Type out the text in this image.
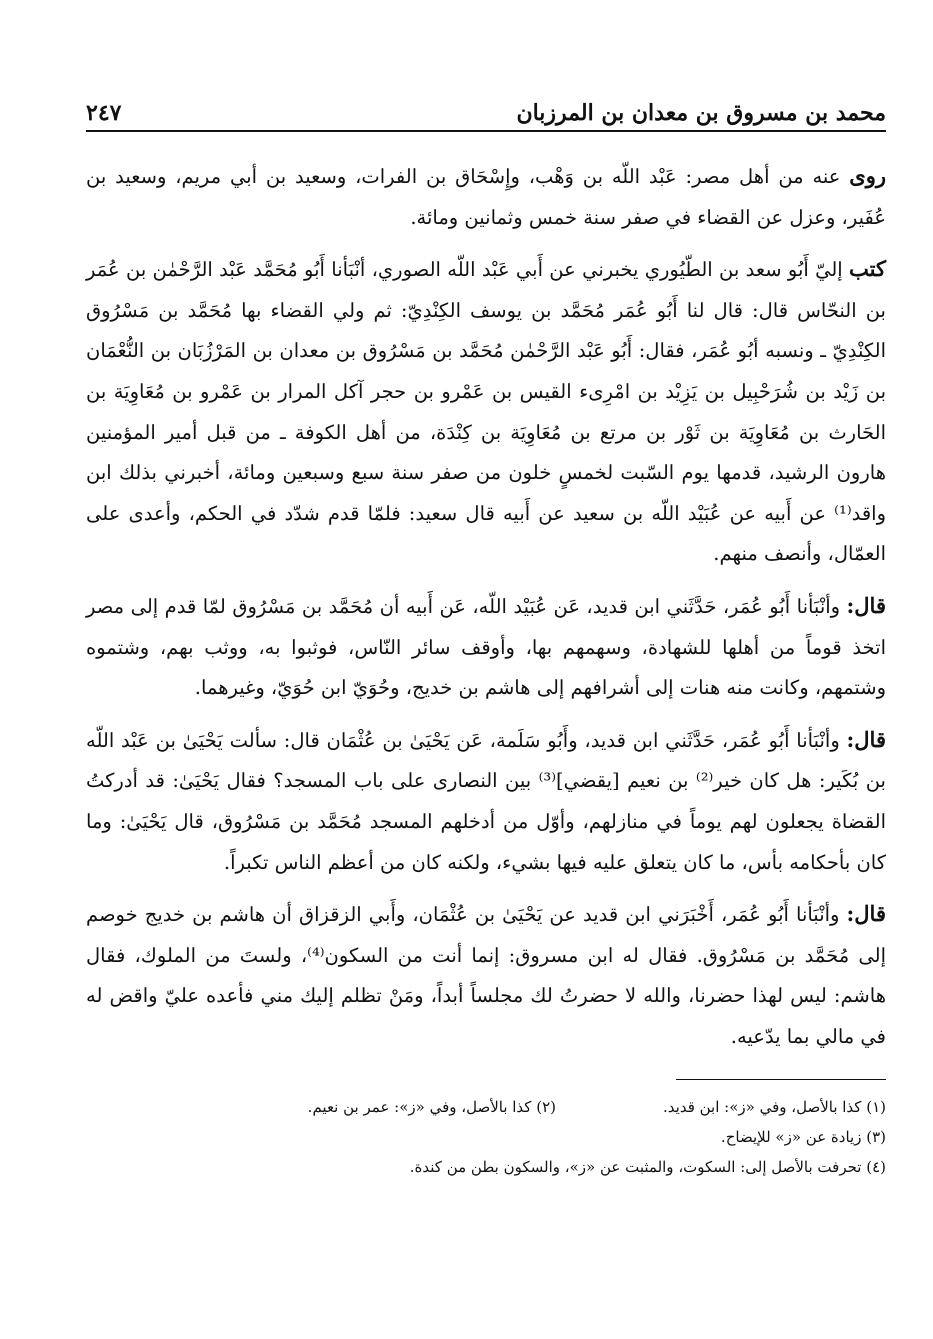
محمد بن مسروق بن معدان بن المرزبان
٢٤٧

روى عنه من أهل مصر: عَبْد اللّه بن وَهْب، وإِسْحَاق بن الفرات، وسعيد بن أبي مريم، وسعيد بن عُفَير، وعزل عن القضاء في صفر سنة خمس وثمانين ومائة.

كتب إليّ أَبُو سعد بن الطّيُوري يخبرني عن أَبي عَبْد اللّه الصوري، أنْبَأنا أَبُو مُحَمَّد عَبْد الرَّحْمٰن بن عُمَر بن النحّاس قال: قال لنا أَبُو عُمَر مُحَمَّد بن يوسف الكِنْدِيّ: ثم ولي القضاء بها مُحَمَّد بن مَسْرُوق الكِنْدِيّ ـ ونسبه أبُو عُمَر، فقال: أَبُو عَبْد الرَّحْمٰن مُحَمَّد بن مَسْرُوق بن معدان بن المَرْزُبَان بن النُّعْمَان بن زَيْد بن شُرَحْبِيل بن يَزِيْد بن امْرِىء القيس بن عَمْرو بن حجر آكل المرار بن عَمْرو بن مُعَاوِيَة بن الحَارث بن مُعَاوِيَة بن ثَوْر بن مرتع بن مُعَاوِيَة بن كِنْدَة، من أهل الكوفة ـ من قبل أمير المؤمنين هارون الرشيد، قدمها يوم السّبت لخمسٍ خلون من صفر سنة سبع وسبعين ومائة، أخبرني بذلك ابن واقد⁽¹⁾ عن أَبيه عن عُبَيْد اللّه بن سعيد عن أَبيه قال سعيد: فلمّا قدم شدّد في الحكم، وأعدى على العمّال، وأنصف منهم.

قال: وأنْبَأنا أَبُو عُمَر، حَدَّثَني ابن قديد، عَن عُبَيْد اللّه، عَن أَبيه أن مُحَمَّد بن مَسْرُوق لمّا قدم إلى مصر اتخذ قوماً من أهلها للشهادة، وسهمهم بها، وأوقف سائر النّاس، فوثبوا به، ووثب بهم، وشتموه وشتمهم، وكانت منه هنات إلى أشرافهم إلى هاشم بن خديج، وحُوَيّ ابن حُوَيّ، وغيرهما.

قال: وأنْبَأنا أَبُو عُمَر، حَدَّثَني ابن قديد، وأَبُو سَلَمة، عَن يَحْيَىٰ بن عُثْمَان قال: سألت يَحْيَىٰ بن عَبْد اللّه بن بُكَير: هل كان خير⁽²⁾ بن نعيم [يقضي]⁽³⁾ بين النصارى على باب المسجد؟ فقال يَحْيَىٰ: قد أدركتُ القضاة يجعلون لهم يوماً في منازلهم، وأوّل من أدخلهم المسجد مُحَمَّد بن مَسْرُوق، قال يَحْيَىٰ: وما كان بأحكامه بأس، ما كان يتعلق عليه فيها بشيء، ولكنه كان من أعظم الناس تكبراً.

قال: وأنْبَأنا أَبُو عُمَر، أَخْبَرَني ابن قديد عن يَحْيَىٰ بن عُثْمَان، وأَبي الزقزاق أن هاشم بن خديج خوصم إلى مُحَمَّد بن مَسْرُوق. فقال له ابن مسروق: إنما أنت من السكون⁽⁴⁾، ولستَ من الملوك، فقال هاشم: ليس لهذا حضرنا، والله لا حضرتُ لك مجلساً أبداً، ومَنْ تظلم إليك مني فأعده عليّ واقض له في مالي بما يدّعيه.

(١) كذا بالأصل، وفي «ز»: ابن قديد.
(٢) كذا بالأصل، وفي «ز»: عمر بن نعيم.
(٣) زيادة عن «ز» للإيضاح.
(٤) تحرفت بالأصل إلى: السكوت، والمثبت عن «ز»، والسكون بطن من كندة.
